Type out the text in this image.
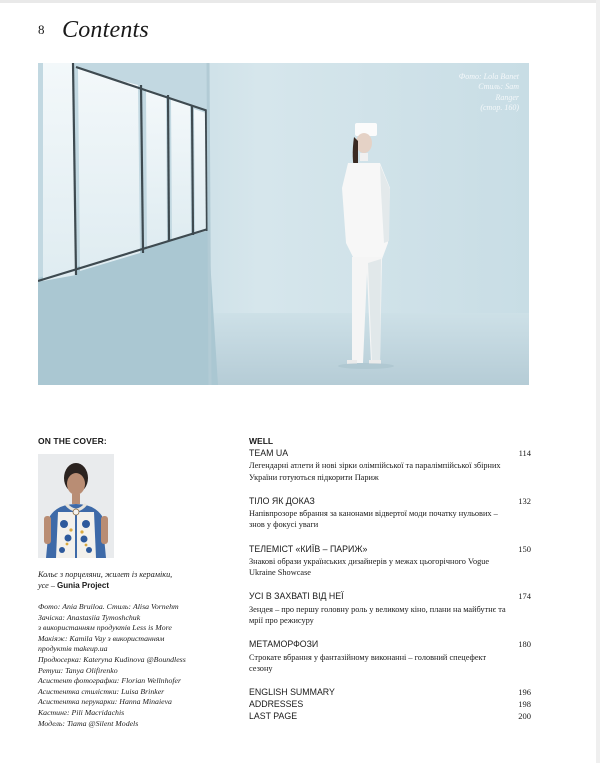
8 Contents
Фото: Lola Banet
Стиль: Sam
Ranger
(стор. 160)
ON THE COVER:
Кольє з порцеляни, жилет із кераміки,
усе – Gunia Project
Фото: Ania Bruiloa. Стиль: Alisa Vornehm
Зачіска: Anastasiia Tymoshchuk
з використанням продуктів Less is More
Макіяж: Kamila Vay з використанням
продуктів makeup.ua
Продюсерка: Kateryna Kudinova @Boundless
Ретуш: Tanya Olifirenko
Асистент фотографки: Florian Wellnhofer
Асистентка стилістки: Luisa Brinker
Асистентка перукарки: Hanna Minaieva
Кастинг: Pili Macridachis
Модель: Tiama @Silent Models
WELL
TEAM UA	114
Легендарні атлети й нові зірки олімпійської та паралімпійської збірних України готуються підкорити Париж
ТІЛО ЯК ДОКАЗ	132
Напівпрозоре вбрання за канонами відвертої моди початку нульових – знов у фокусі уваги
ТЕЛЕМІСТ «КИЇВ – ПАРИЖ»	150
Знакові образи українських дизайнерів у межах цьогорічного Vogue Ukraine Showcase
УСІ В ЗАХВАТІ ВІД НЕЇ	174
Зендея – про першу головну роль у великому кіно, плани на майбутнє та мрії про режисуру
МЕТАМОРФОЗИ	180
Строкате вбрання у фантазійному виконанні – головний спецефект сезону
ENGLISH SUMMARY	196
ADDRESSES	198
LAST PAGE	200
